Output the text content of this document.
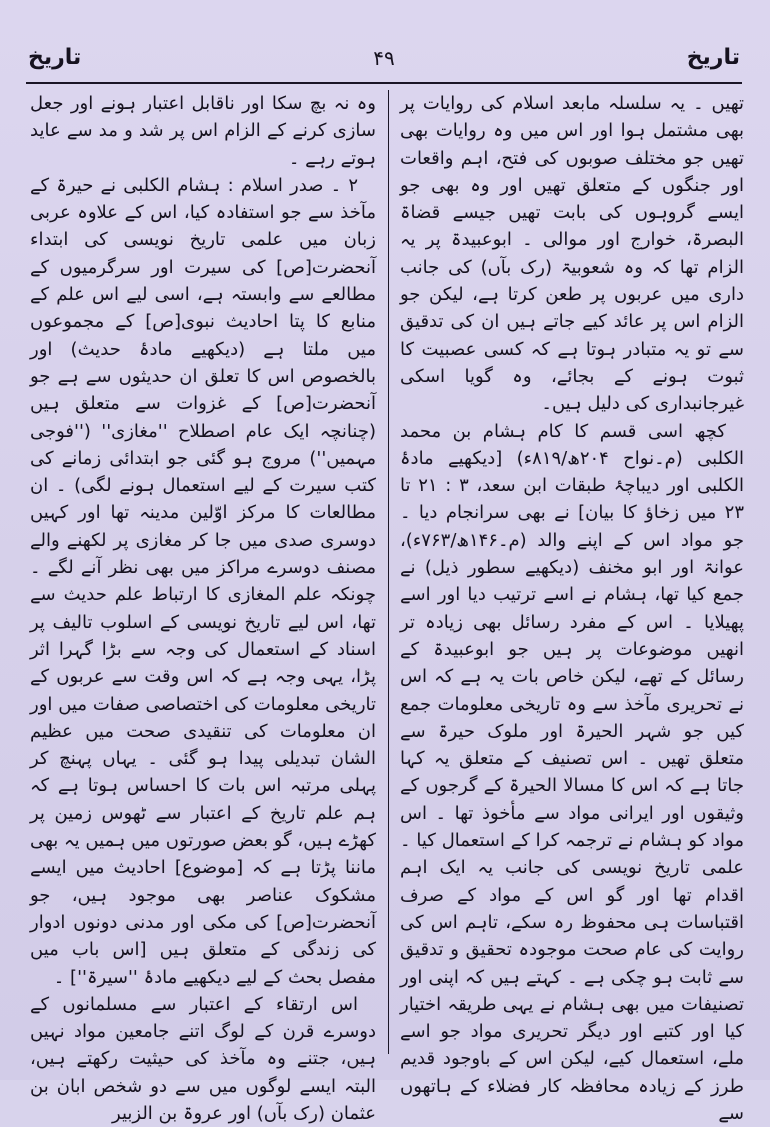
تاریخ
۴۹
تاریخ

تهیں ۔ یہ سلسلہ مابعد اسلام کی روایات پر بھی مشتمل ہوا اور اس میں وہ روایات بھی تھیں جو مختلف صوبوں کی فتح، اہم واقعات اور جنگوں کے متعلق تھیں اور وہ بھی جو ایسے گروہوں کی بابت تھیں جیسے قضاۃ البصرۃ، خوارج اور موالی ۔ ابوعبیدۃ پر یہ الزام تھا کہ وہ شعوبیۃ (رک بآں) کی جانب داری میں عربوں پر طعن کرتا ہے، لیکن جو الزام اس پر عائد کیے جاتے ہیں ان کی تدقیق سے تو یہ متبادر ہوتا ہے کہ کسی عصبیت کا ثبوت ہونے کے بجائے، وہ گویا اسکی غیرجانبداری کی دلیل ہیں۔

کچھ اسی قسم کا کام ہشام بن محمد الکلبی (م۔نواح ۲۰۴ھ/۸۱۹ء) [دیکھیے مادۂ الکلبی اور دیباچۂ طبقات ابن سعد، ۳ : ۲۱ تا ۲۳ میں زخاؤ کا بیان] نے بھی سرانجام دیا ۔ جو مواد اس کے اپنے والد (م۔۱۴۶ھ/۷۶۳ء)، عوانۃ اور ابو مخنف (دیکھیے سطور ذیل) نے جمع کیا تھا، ہشام نے اسے ترتیب دیا اور اسے پھیلایا ۔ اس کے مفرد رسائل بھی زیادہ تر انھیں موضوعات پر ہیں جو ابوعبیدۃ کے رسائل کے تھے، لیکن خاص بات یہ ہے کہ اس نے تحریری مآخذ سے وہ تاریخی معلومات جمع کیں جو شہر الحیرۃ اور ملوک حیرۃ سے متعلق تھیں ۔ اس تصنیف کے متعلق یہ کہا جاتا ہے کہ اس کا مسالا الحیرۃ کے گرجوں کے وثیقوں اور ایرانی مواد سے مأخوذ تھا ۔ اس مواد کو ہشام نے ترجمہ کرا کے استعمال کیا ۔ علمی تاریخ نویسی کی جانب یہ ایک اہم اقدام تھا اور گو اس کے مواد کے صرف اقتباسات ہی محفوظ رہ سکے، تاہم اس کی روایت کی عام صحت موجودہ تحقیق و تدقیق سے ثابت ہو چکی ہے ۔ کہتے ہیں کہ اپنی اور تصنیفات میں بھی ہشام نے یہی طریقہ اختیار کیا اور کتبے اور دیگر تحریری مواد جو اسے ملے، استعمال کیے، لیکن اس کے باوجود قدیم طرز کے زیادہ محافظہ کار فضلاء کے ہاتھوں سے

وہ نہ بچ سکا اور ناقابل اعتبار ہونے اور جعل سازی کرنے کے الزام اس پر شد و مد سے عاید ہوتے رہے ۔

۲ ۔ صدر اسلام : ہشام الکلبی نے حیرۃ کے مآخذ سے جو استفادہ کیا، اس کے علاوہ عربی زبان میں علمی تاریخ نویسی کی ابتداء آنحضرت[ص] کی سیرت اور سرگرمیوں کے مطالعے سے وابستہ ہے، اسی لیے اس علم کے منابع کا پتا احادیث نبوی[ص] کے مجموعوں میں ملتا ہے (دیکھیے مادۂ حدیث) اور بالخصوص اس کا تعلق ان حدیثوں سے ہے جو آنحضرت[ص] کے غزوات سے متعلق ہیں (چنانچہ ایک عام اصطلاح ''مغازی'' (''فوجی مہمیں'') مروج ہو گئی جو ابتدائی زمانے کی کتب سیرت کے لیے استعمال ہونے لگی) ۔ ان مطالعات کا مرکز اوّلین مدینہ تھا اور کہیں دوسری صدی میں جا کر مغازی پر لکھنے والے مصنف دوسرے مراکز میں بھی نظر آنے لگے ۔ چونکہ علم المغازی کا ارتباط علم حدیث سے تھا، اس لیے تاریخ نویسی کے اسلوب تالیف پر اسناد کے استعمال کی وجہ سے بڑا گہرا اثر پڑا، یہی وجہ ہے کہ اس وقت سے عربوں کے تاریخی معلومات کی اختصاصی صفات میں اور ان معلومات کی تنقیدی صحت میں عظیم الشان تبدیلی پیدا ہو گئی ۔ یہاں پہنچ کر پہلی مرتبہ اس بات کا احساس ہوتا ہے کہ ہم علم تاریخ کے اعتبار سے ٹھوس زمین پر کھڑے ہیں، گو بعض صورتوں میں ہمیں یہ بھی ماننا پڑتا ہے کہ [موضوع] احادیث میں ایسے مشکوک عناصر بھی موجود ہیں، جو آنحضرت[ص] کی مکی اور مدنی دونوں ادوار کی زندگی کے متعلق ہیں [اس باب میں مفصل بحث کے لیے دیکھیے مادۂ ''سیرۃ''] ۔

اس ارتقاء کے اعتبار سے مسلمانوں کے دوسرے قرن کے لوگ اتنے جامعین مواد نہیں ہیں، جتنے وہ مآخذ کی حیثیت رکھتے ہیں، البتہ ایسے لوگوں میں سے دو شخص ابان بن عثمان (رک بآں) اور عروۃ بن الزبیر
